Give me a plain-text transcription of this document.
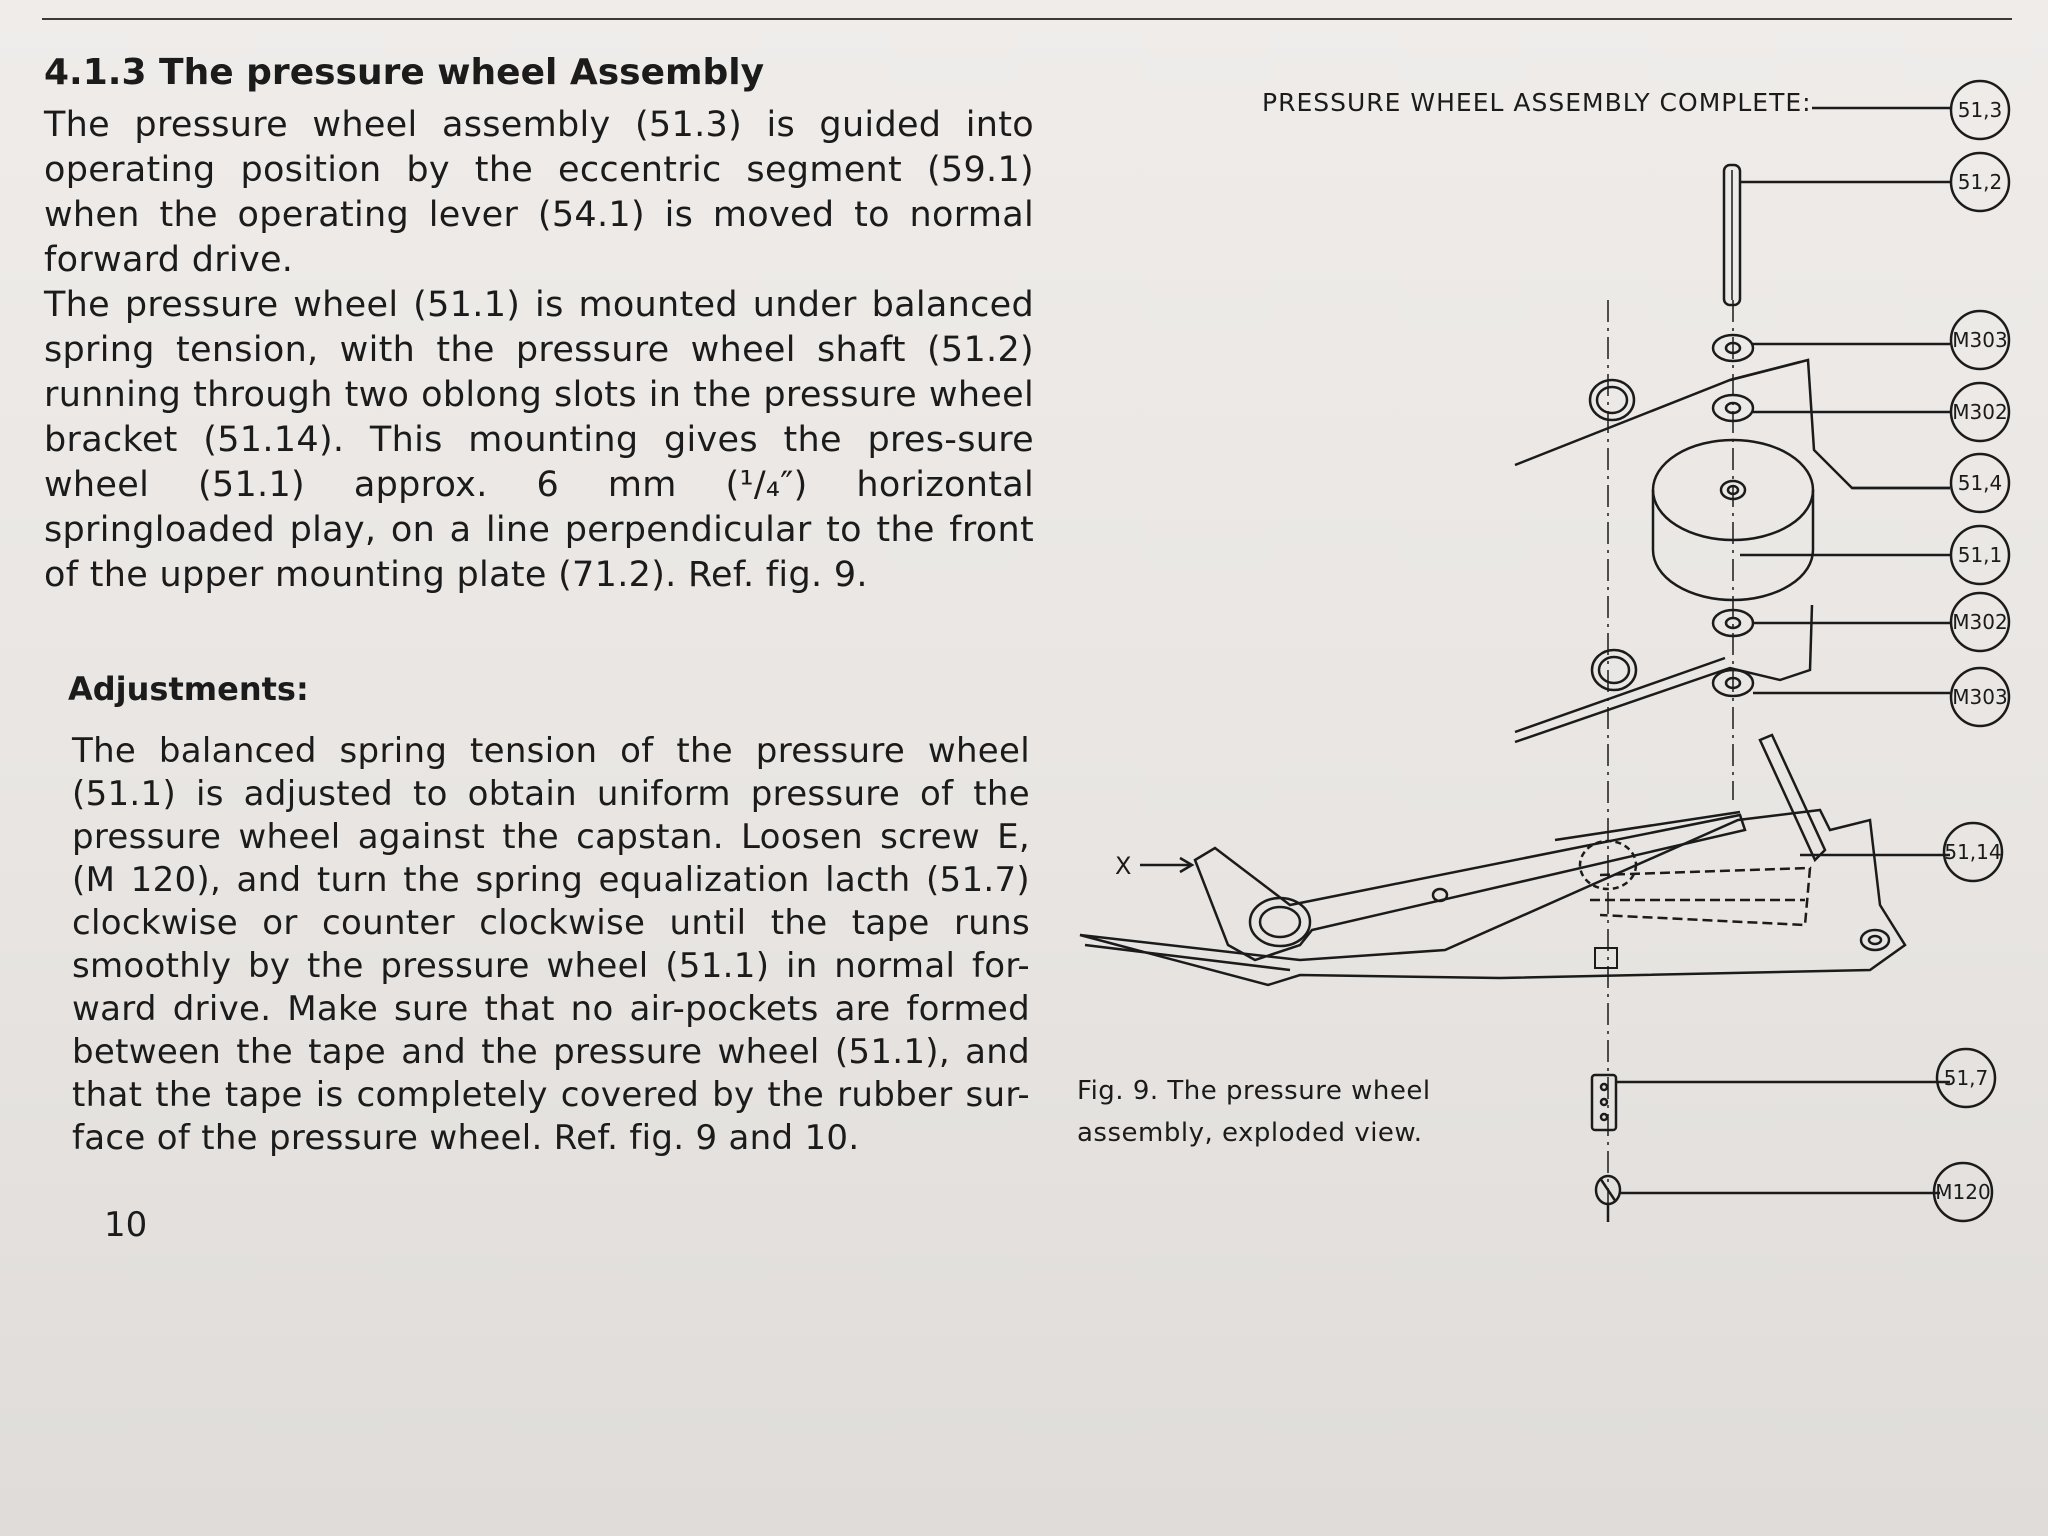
4.1.3 The pressure wheel Assembly

The pressure wheel assembly (51.3) is guided into operating position by the eccentric segment (59.1) when the operating lever (54.1) is moved to normal forward drive.

The pressure wheel (51.1) is mounted under balanced spring tension, with the pressure wheel shaft (51.2) running through two oblong slots in the pressure wheel bracket (51.14). This mounting gives the pres-sure wheel (51.1) approx. 6 mm (¹/₄″) horizontal springloaded play, on a line perpendicular to the front of the upper mounting plate (71.2). Ref. fig. 9.

Adjustments:

The balanced spring tension of the pressure wheel (51.1) is adjusted to obtain uniform pressure of the pressure wheel against the capstan. Loosen screw E, (M 120), and turn the spring equalization lacth (51.7) clockwise or counter clockwise until the tape runs smoothly by the pressure wheel (51.1) in normal for-ward drive. Make sure that no air-pockets are formed between the tape and the pressure wheel (51.1), and that the tape is completely covered by the rubber sur-face of the pressure wheel. Ref. fig. 9 and 10.

10
PRESSURE WHEEL ASSEMBLY COMPLETE:
Fig. 9. The pressure wheel
assembly, exploded view.
51,3
51,2
M303
M302
51,4
51,1
M302
M303
51,14
51,7
M120
X
